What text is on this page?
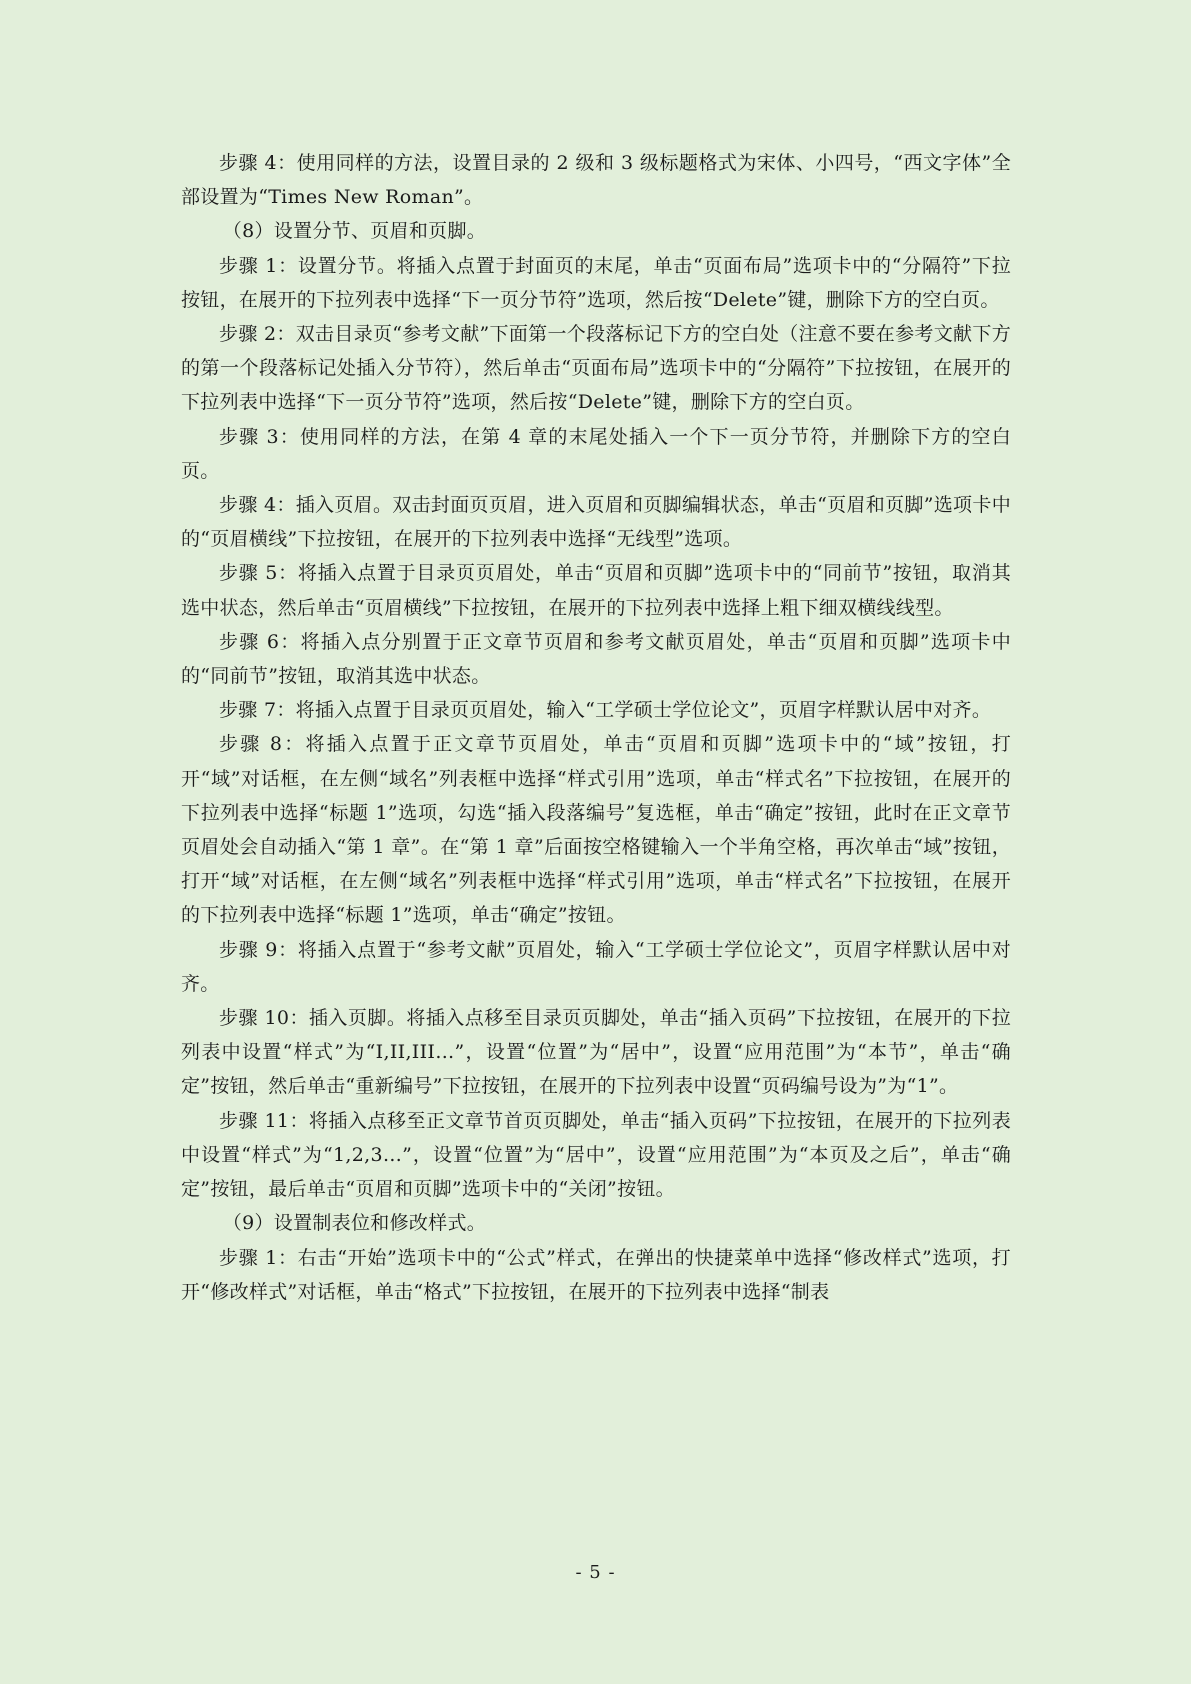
步骤 4：使用同样的方法，设置目录的 2 级和 3 级标题格式为宋体、小四号，“西文字体”全部设置为“Times New Roman”。

（8）设置分节、页眉和页脚。

步骤 1：设置分节。将插入点置于封面页的末尾，单击“页面布局”选项卡中的“分隔符”下拉按钮，在展开的下拉列表中选择“下一页分节符”选项，然后按“Delete”键，删除下方的空白页。

步骤 2：双击目录页“参考文献”下面第一个段落标记下方的空白处（注意不要在参考文献下方的第一个段落标记处插入分节符），然后单击“页面布局”选项卡中的“分隔符”下拉按钮，在展开的下拉列表中选择“下一页分节符”选项，然后按“Delete”键，删除下方的空白页。

步骤 3：使用同样的方法，在第 4 章的末尾处插入一个下一页分节符，并删除下方的空白页。

步骤 4：插入页眉。双击封面页页眉，进入页眉和页脚编辑状态，单击“页眉和页脚”选项卡中的“页眉横线”下拉按钮，在展开的下拉列表中选择“无线型”选项。

步骤 5：将插入点置于目录页页眉处，单击“页眉和页脚”选项卡中的“同前节”按钮，取消其选中状态，然后单击“页眉横线”下拉按钮，在展开的下拉列表中选择上粗下细双横线线型。

步骤 6：将插入点分别置于正文章节页眉和参考文献页眉处，单击“页眉和页脚”选项卡中的“同前节”按钮，取消其选中状态。

步骤 7：将插入点置于目录页页眉处，输入“工学硕士学位论文”，页眉字样默认居中对齐。

步骤 8：将插入点置于正文章节页眉处，单击“页眉和页脚”选项卡中的“域”按钮，打开“域”对话框，在左侧“域名”列表框中选择“样式引用”选项，单击“样式名”下拉按钮，在展开的下拉列表中选择“标题 1”选项，勾选“插入段落编号”复选框，单击“确定”按钮，此时在正文章节页眉处会自动插入“第 1 章”。在“第 1 章”后面按空格键输入一个半角空格，再次单击“域”按钮，打开“域”对话框，在左侧“域名”列表框中选择“样式引用”选项，单击“样式名”下拉按钮，在展开的下拉列表中选择“标题 1”选项，单击“确定”按钮。

步骤 9：将插入点置于“参考文献”页眉处，输入“工学硕士学位论文”，页眉字样默认居中对齐。

步骤 10：插入页脚。将插入点移至目录页页脚处，单击“插入页码”下拉按钮，在展开的下拉列表中设置“样式”为“I,II,III…”，设置“位置”为“居中”，设置“应用范围”为“本节”，单击“确定”按钮，然后单击“重新编号”下拉按钮，在展开的下拉列表中设置“页码编号设为”为“1”。

步骤 11：将插入点移至正文章节首页页脚处，单击“插入页码”下拉按钮，在展开的下拉列表中设置“样式”为“1,2,3…”，设置“位置”为“居中”，设置“应用范围”为“本页及之后”，单击“确定”按钮，最后单击“页眉和页脚”选项卡中的“关闭”按钮。

（9）设置制表位和修改样式。

步骤 1：右击“开始”选项卡中的“公式”样式，在弹出的快捷菜单中选择“修改样式”选项，打开“修改样式”对话框，单击“格式”下拉按钮，在展开的下拉列表中选择“制表

- 5 -
